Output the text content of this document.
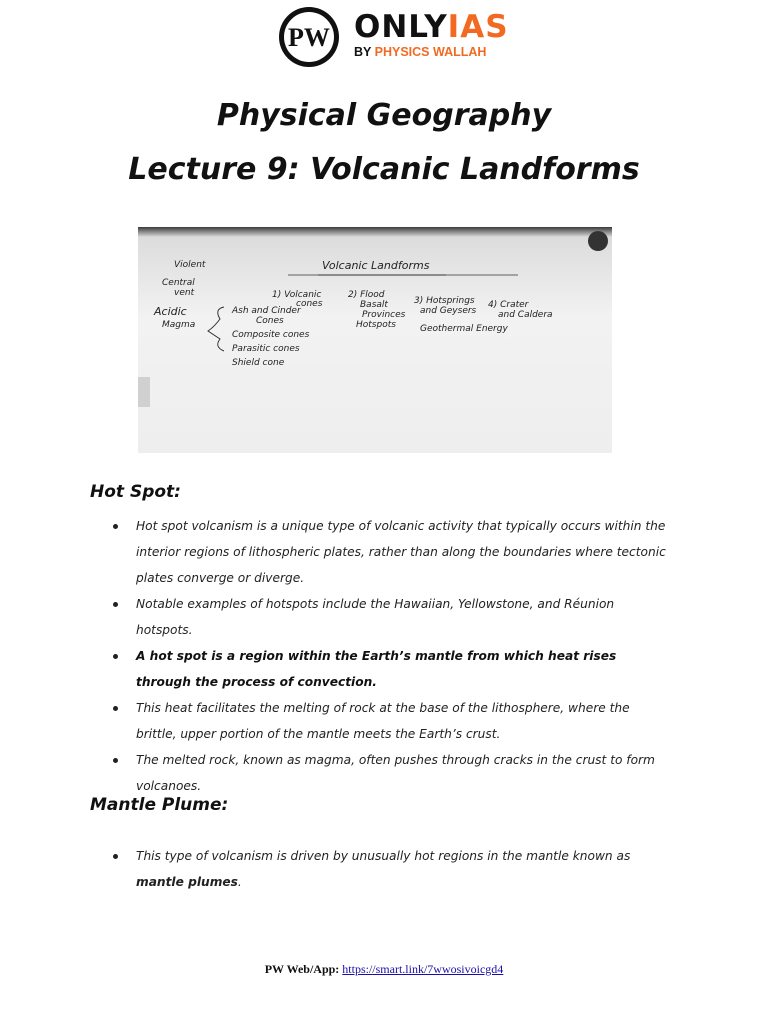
PW ONLYIAS
BY PHYSICS WALLAH
Physical Geography
Lecture 9: Volcanic Landforms
Volcanic Landforms
Violent
Central
vent
Acidic
Magma
1) Volcanic
cones
2) Flood
Basalt
Provinces
Hotspots
3) Hotsprings
and Geysers
Geothermal Energy
4) Crater
and Caldera
Ash and Cinder
Cones
Composite cones
Parasitic cones
Shield cone
Hot Spot:
Hot spot volcanism is a unique type of volcanic activity that typically occurs within the interior regions of lithospheric plates, rather than along the boundaries where tectonic plates converge or diverge.
Notable examples of hotspots include the Hawaiian, Yellowstone, and Réunion hotspots.
A hot spot is a region within the Earth’s mantle from which heat rises through the process of convection.
This heat facilitates the melting of rock at the base of the lithosphere, where the brittle, upper portion of the mantle meets the Earth’s crust.
The melted rock, known as magma, often pushes through cracks in the crust to form volcanoes.
Mantle Plume:
This type of volcanism is driven by unusually hot regions in the mantle known as mantle plumes.
PW Web/App: https://smart.link/7wwosivoicgd4
